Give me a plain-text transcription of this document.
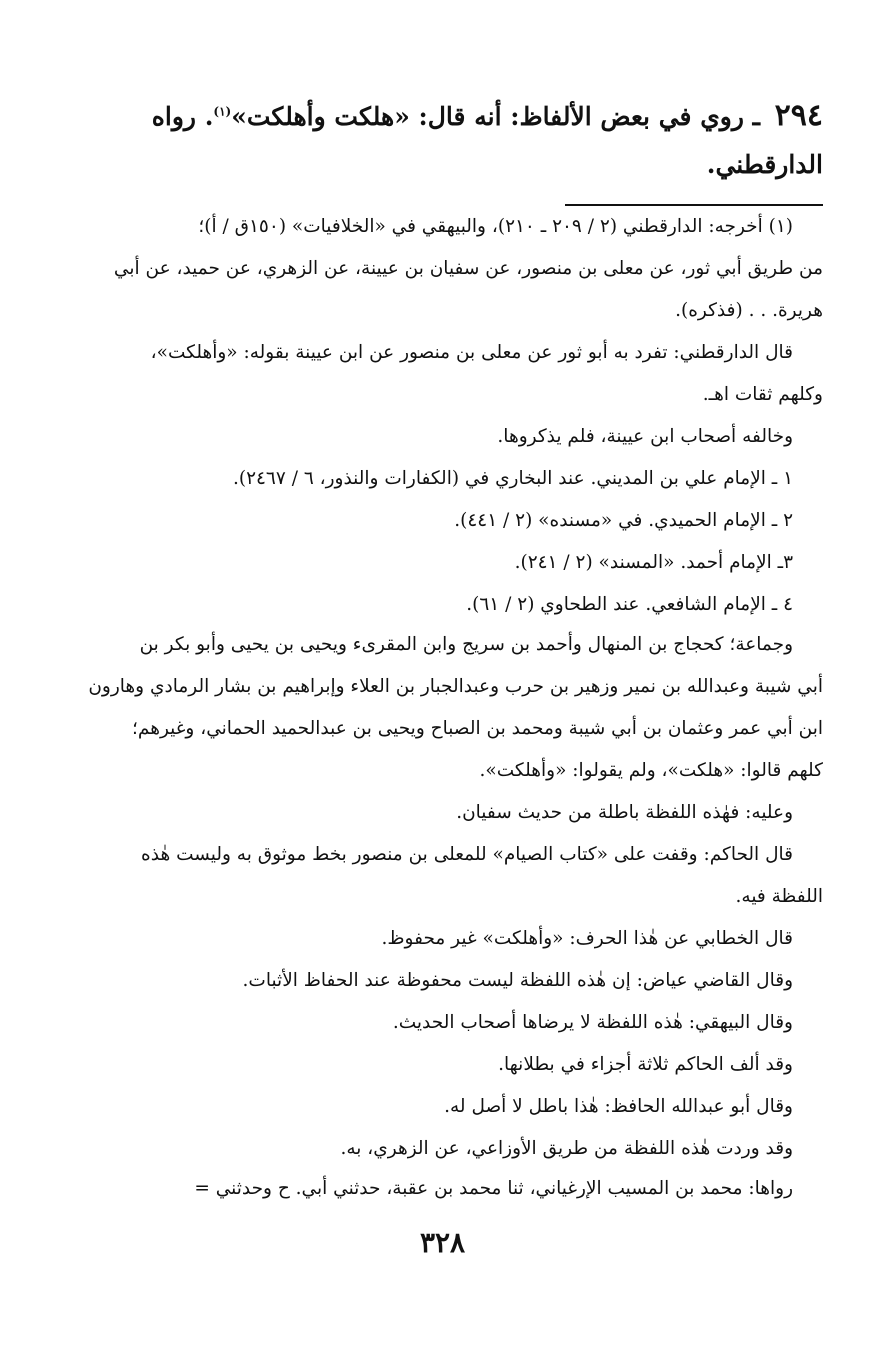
٢٩٤ ـ روي في بعض الألفاظ: أنه قال: «هلكت وأهلكت»$^{(١)}$. رواه
الدارقطني.
(١) أخرجه: الدارقطني (٢ / ٢٠٩ ـ ٢١٠)، والبيهقي في «الخلافيات» (١٥٠ق / أ)؛
من طريق أبي ثور، عن معلى بن منصور، عن سفيان بن عيينة، عن الزهري، عن حميد، عن أبي
هريرة. . . (فذكره).
قال الدارقطني: تفرد به أبو ثور عن معلى بن منصور عن ابن عيينة بقوله: «وأهلكت»،
وكلهم ثقات اهـ.
وخالفه أصحاب ابن عيينة، فلم يذكروها.
١ ـ الإمام علي بن المديني. عند البخاري في (الكفارات والنذور، ٦ / ٢٤٦٧).
٢ ـ الإمام الحميدي. في «مسنده» (٢ / ٤٤١).
٣ـ الإمام أحمد. «المسند» (٢ / ٢٤١).
٤ ـ الإمام الشافعي. عند الطحاوي (٢ / ٦١).
وجماعة؛ كحجاج بن المنهال وأحمد بن سريج وابن المقرىء ويحيى بن يحيى وأبو بكر بن
أبي شيبة وعبدالله بن نمير وزهير بن حرب وعبدالجبار بن العلاء وإبراهيم بن بشار الرمادي وهارون
ابن أبي عمر وعثمان بن أبي شيبة ومحمد بن الصباح ويحيى بن عبدالحميد الحماني، وغيرهم؛
كلهم قالوا: «هلكت»، ولم يقولوا: «وأهلكت».
وعليه: فهٰذه اللفظة باطلة من حديث سفيان.
قال الحاكم: وقفت على «كتاب الصيام» للمعلى بن منصور بخط موثوق به وليست هٰذه
اللفظة فيه.
قال الخطابي عن هٰذا الحرف: «وأهلكت» غير محفوظ.
وقال القاضي عياض: إن هٰذه اللفظة ليست محفوظة عند الحفاظ الأثبات.
وقال البيهقي: هٰذه اللفظة لا يرضاها أصحاب الحديث.
وقد ألف الحاكم ثلاثة أجزاء في بطلانها.
وقال أبو عبدالله الحافظ: هٰذا باطل لا أصل له.
وقد وردت هٰذه اللفظة من طريق الأوزاعي، عن الزهري، به.
رواها: محمد بن المسيب الإرغياني، ثنا محمد بن عقبة، حدثني أبي. ح وحدثني =
٣٢٨
